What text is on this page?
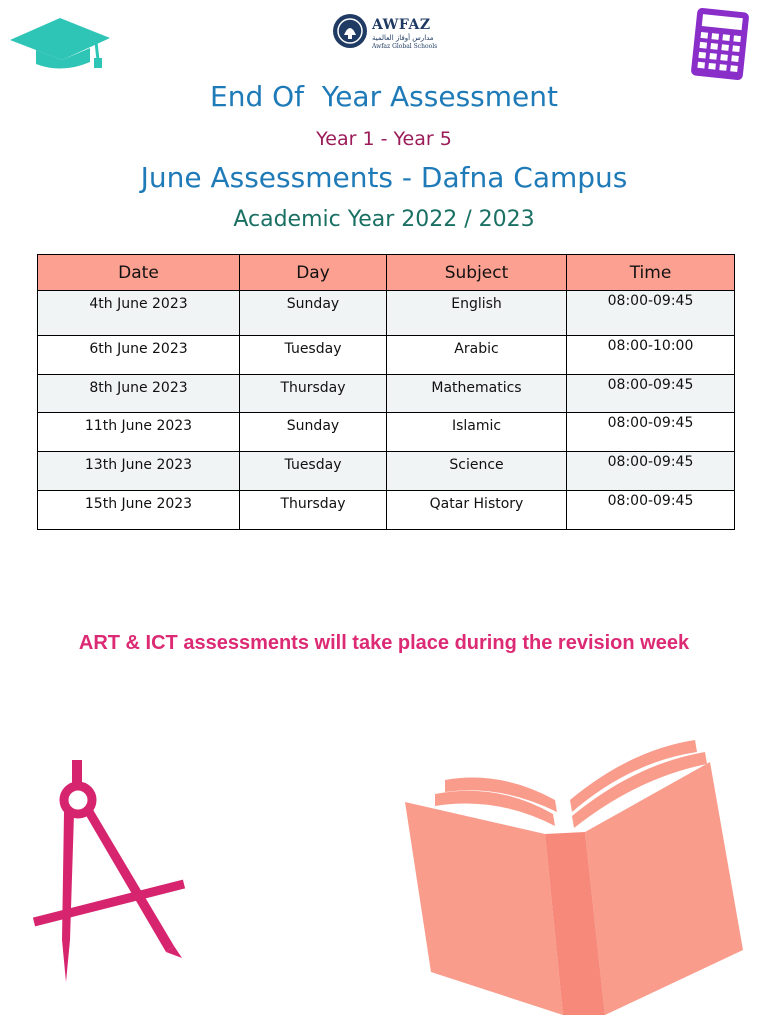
AWFAZ
مدارس أوفاز العالمية
Awfaz Global Schools
End Of  Year Assessment
Year 1 - Year 5
June Assessments - Dafna Campus
Academic Year 2022 / 2023
Date	Day	Subject	Time
4th June 2023	Sunday	English	08:00-09:45
6th June 2023	Tuesday	Arabic	08:00-10:00
8th June 2023	Thursday	Mathematics	08:00-09:45
11th June 2023	Sunday	Islamic	08:00-09:45
13th June 2023	Tuesday	Science	08:00-09:45
15th June 2023	Thursday	Qatar History	08:00-09:45
ART & ICT assessments will take place during the revision week
